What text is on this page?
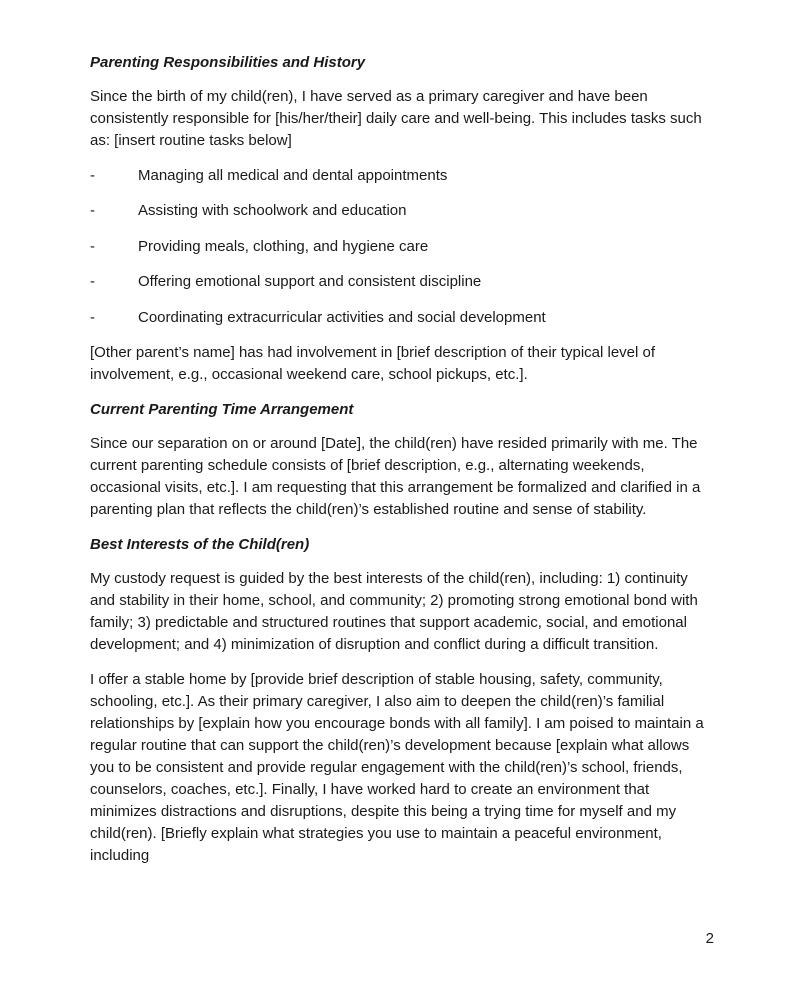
Parenting Responsibilities and History

Since the birth of my child(ren), I have served as a primary caregiver and have been consistently responsible for [his/her/their] daily care and well-being. This includes tasks such as: [insert routine tasks below]

-	Managing all medical and dental appointments
-	Assisting with schoolwork and education
-	Providing meals, clothing, and hygiene care
-	Offering emotional support and consistent discipline
-	Coordinating extracurricular activities and social development

[Other parent’s name] has had involvement in [brief description of their typical level of involvement, e.g., occasional weekend care, school pickups, etc.].

Current Parenting Time Arrangement

Since our separation on or around [Date], the child(ren) have resided primarily with me. The current parenting schedule consists of [brief description, e.g., alternating weekends, occasional visits, etc.]. I am requesting that this arrangement be formalized and clarified in a parenting plan that reflects the child(ren)’s established routine and sense of stability.

Best Interests of the Child(ren)

My custody request is guided by the best interests of the child(ren), including: 1) continuity and stability in their home, school, and community; 2) promoting strong emotional bond with family; 3) predictable and structured routines that support academic, social, and emotional development; and 4) minimization of disruption and conflict during a difficult transition.

I offer a stable home by [provide brief description of stable housing, safety, community, schooling, etc.]. As their primary caregiver, I also aim to deepen the child(ren)’s familial relationships by [explain how you encourage bonds with all family]. I am poised to maintain a regular routine that can support the child(ren)’s development because [explain what allows you to be consistent and provide regular engagement with the child(ren)’s school, friends, counselors, coaches, etc.]. Finally, I have worked hard to create an environment that minimizes distractions and disruptions, despite this being a trying time for myself and my child(ren). [Briefly explain what strategies you use to maintain a peaceful environment, including

2
